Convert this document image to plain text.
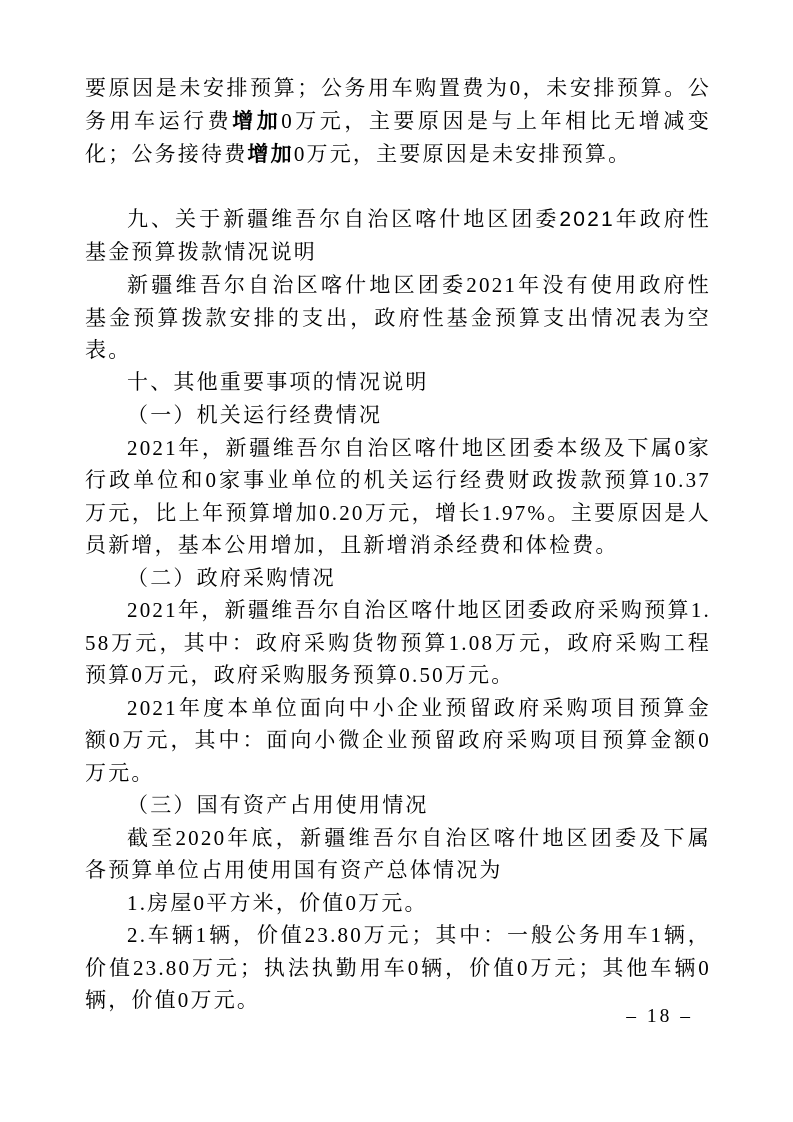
要原因是未安排预算；公务用车购置费为0，未安排预算。公务用车运行费增加0万元，主要原因是与上年相比无增减变化；公务接待费增加0万元，主要原因是未安排预算。

九、关于新疆维吾尔自治区喀什地区团委2021年政府性基金预算拨款情况说明

新疆维吾尔自治区喀什地区团委2021年没有使用政府性基金预算拨款安排的支出，政府性基金预算支出情况表为空表。

十、其他重要事项的情况说明
（一）机关运行经费情况

2021年，新疆维吾尔自治区喀什地区团委本级及下属0家行政单位和0家事业单位的机关运行经费财政拨款预算10.37万元，比上年预算增加0.20万元，增长1.97%。主要原因是人员新增，基本公用增加，且新增消杀经费和体检费。

（二）政府采购情况

2021年，新疆维吾尔自治区喀什地区团委政府采购预算1.58万元，其中：政府采购货物预算1.08万元，政府采购工程预算0万元，政府采购服务预算0.50万元。

2021年度本单位面向中小企业预留政府采购项目预算金额0万元，其中：面向小微企业预留政府采购项目预算金额0万元。

（三）国有资产占用使用情况

截至2020年底，新疆维吾尔自治区喀什地区团委及下属各预算单位占用使用国有资产总体情况为

1.房屋0平方米，价值0万元。

2.车辆1辆，价值23.80万元；其中：一般公务用车1辆，价值23.80万元；执法执勤用车0辆，价值0万元；其他车辆0辆，价值0万元。

– 18 –
